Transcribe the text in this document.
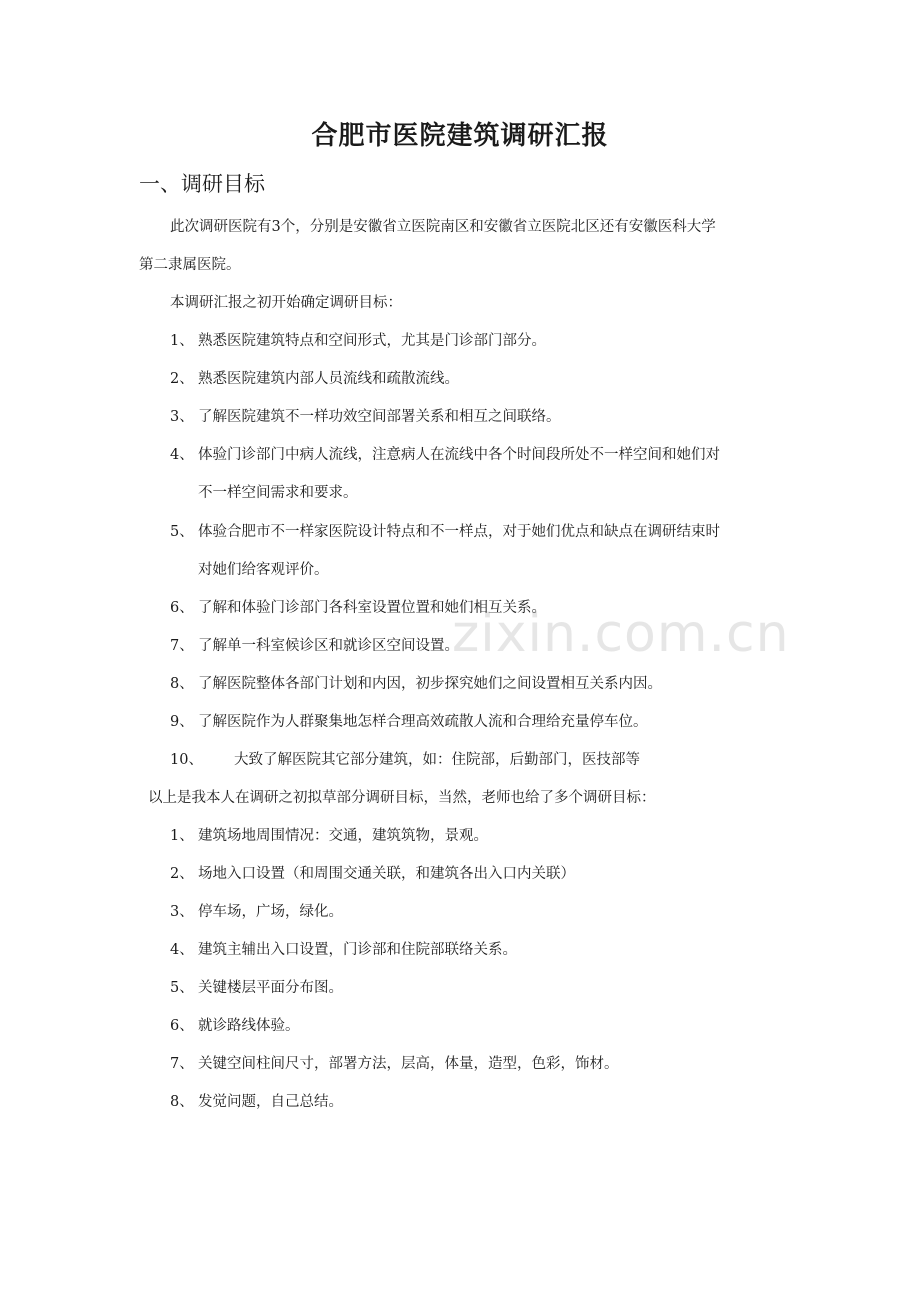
zixin.com.cn
合肥市医院建筑调研汇报
一、调研目标
此次调研医院有3个，分别是安徽省立医院南区和安徽省立医院北区还有安徽医科大学
第二隶属医院。
本调研汇报之初开始确定调研目标：
1、 熟悉医院建筑特点和空间形式，尤其是门诊部门部分。
2、 熟悉医院建筑内部人员流线和疏散流线。
3、 了解医院建筑不一样功效空间部署关系和相互之间联络。
4、 体验门诊部门中病人流线，注意病人在流线中各个时间段所处不一样空间和她们对
不一样空间需求和要求。
5、 体验合肥市不一样家医院设计特点和不一样点，对于她们优点和缺点在调研结束时
对她们给客观评价。
6、 了解和体验门诊部门各科室设置位置和她们相互关系。
7、 了解单一科室候诊区和就诊区空间设置。
8、 了解医院整体各部门计划和内因，初步探究她们之间设置相互关系内因。
9、 了解医院作为人群聚集地怎样合理高效疏散人流和合理给充量停车位。
10、 大致了解医院其它部分建筑，如：住院部，后勤部门，医技部等
以上是我本人在调研之初拟草部分调研目标，当然，老师也给了多个调研目标：
1、 建筑场地周围情况：交通，建筑筑物，景观。
2、 场地入口设置（和周围交通关联，和建筑各出入口内关联）
3、 停车场，广场，绿化。
4、 建筑主辅出入口设置，门诊部和住院部联络关系。
5、 关键楼层平面分布图。
6、 就诊路线体验。
7、 关键空间柱间尺寸，部署方法，层高，体量，造型，色彩，饰材。
8、 发觉问题，自己总结。
